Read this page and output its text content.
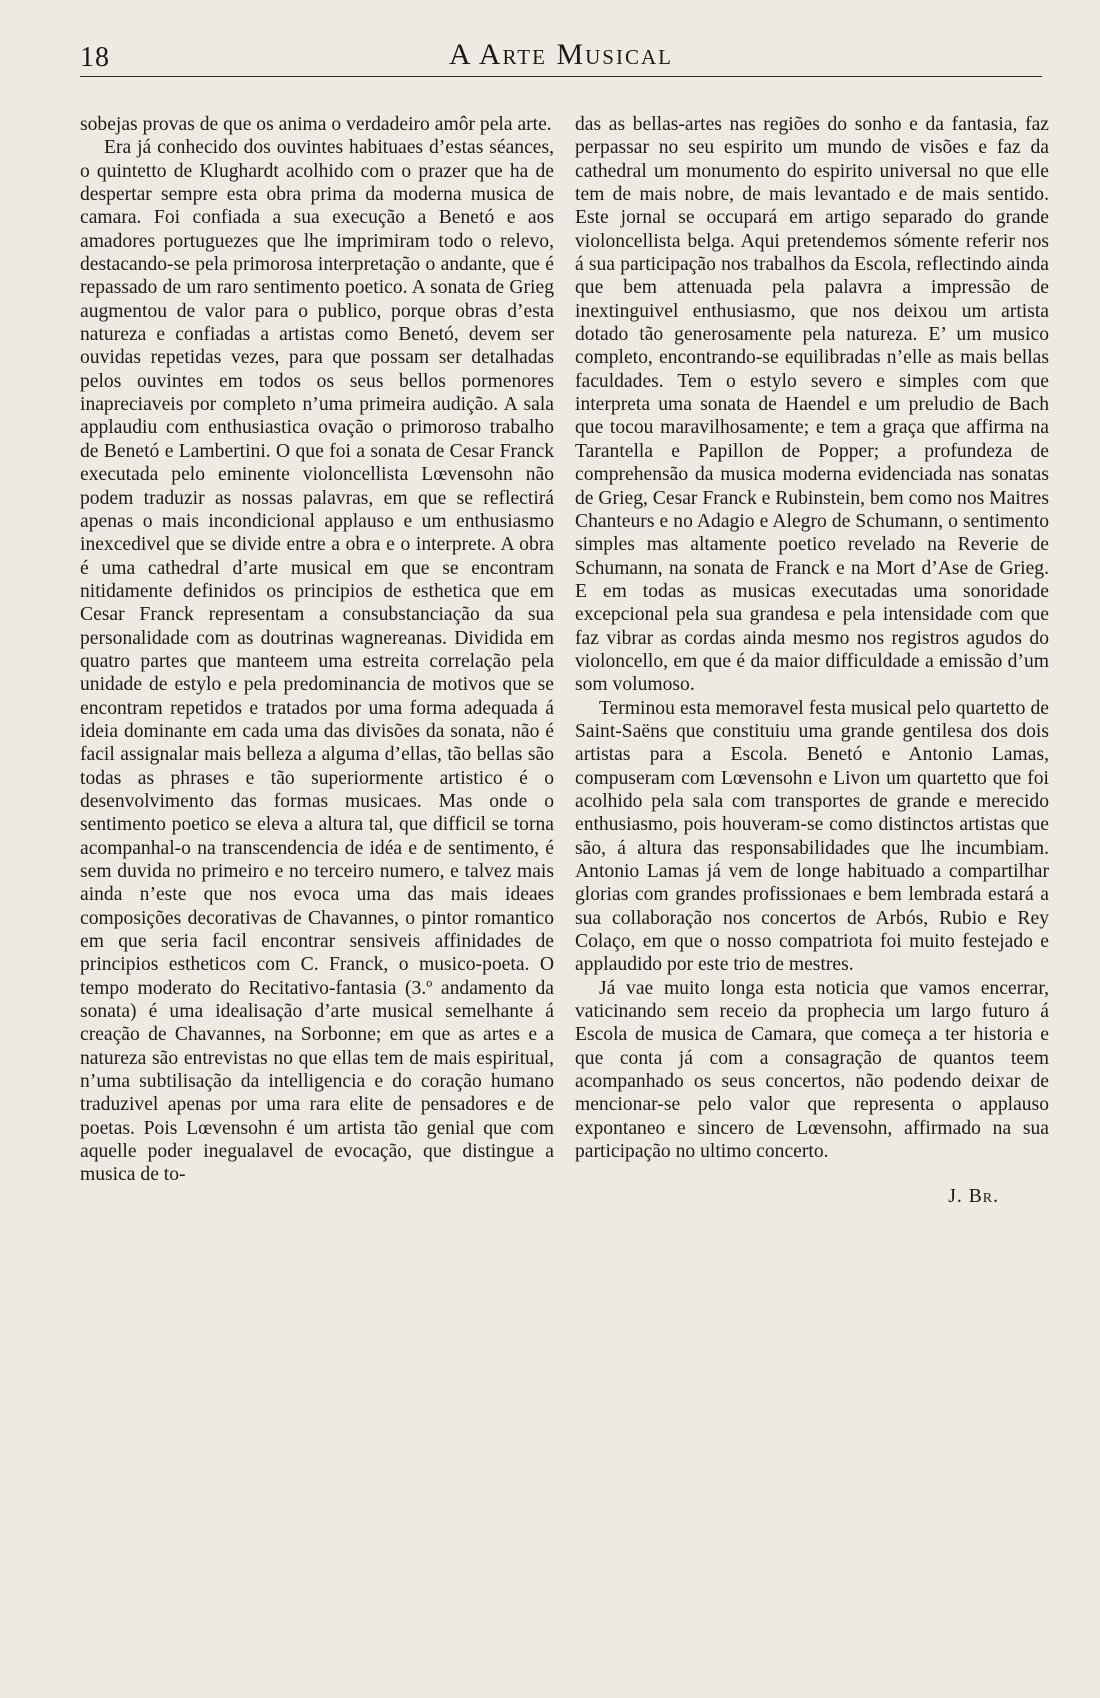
18	A Arte Musical

sobejas provas de que os anima o verdadeiro amôr pela arte.

Era já conhecido dos ouvintes habituaes d’estas séances, o quintetto de Klughardt acolhido com o prazer que ha de despertar sempre esta obra prima da moderna musica de camara. Foi confiada a sua execução a Benetó e aos amadores portuguezes que lhe imprimiram todo o relevo, destacando-se pela primorosa interpretação o andante, que é repassado de um raro sentimento poetico. A sonata de Grieg augmentou de valor para o publico, porque obras d’esta natureza e confiadas a artistas como Benetó, devem ser ouvidas repetidas vezes, para que possam ser detalhadas pelos ouvintes em todos os seus bellos pormenores inapreciaveis por completo n’uma primeira audição. A sala applaudiu com enthusiastica ovação o primoroso trabalho de Benetó e Lambertini. O que foi a sonata de Cesar Franck executada pelo eminente violoncellista Lœvensohn não podem traduzir as nossas palavras, em que se reflectirá apenas o mais incondicional applauso e um enthusiasmo inexcedivel que se divide entre a obra e o interprete. A obra é uma cathedral d’arte musical em que se encontram nitidamente definidos os principios de esthetica que em Cesar Franck representam a consubstanciação da sua personalidade com as doutrinas wagnereanas. Dividida em quatro partes que manteem uma estreita correlação pela unidade de estylo e pela predominancia de motivos que se encontram repetidos e tratados por uma forma adequada á ideia dominante em cada uma das divisões da sonata, não é facil assignalar mais belleza a alguma d’ellas, tão bellas são todas as phrases e tão superiormente artistico é o desenvolvimento das formas musicaes. Mas onde o sentimento poetico se eleva a altura tal, que difficil se torna acompanhal-o na transcendencia de idéa e de sentimento, é sem duvida no primeiro e no terceiro numero, e talvez mais ainda n’este que nos evoca uma das mais ideaes composições decorativas de Chavannes, o pintor romantico em que seria facil encontrar sensiveis affinidades de principios estheticos com C. Franck, o musico-poeta. O tempo moderato do Recitativo-fantasia (3.º andamento da sonata) é uma idealisação d’arte musical semelhante á creação de Chavannes, na Sorbonne; em que as artes e a natureza são entrevistas no que ellas tem de mais espiritual, n’uma subtilisação da intelligencia e do coração humano traduzivel apenas por uma rara elite de pensadores e de poetas. Pois Lœvensohn é um artista tão genial que com aquelle poder inegualavel de evocação, que distingue a musica de to-

das as bellas-artes nas regiões do sonho e da fantasia, faz perpassar no seu espirito um mundo de visões e faz da cathedral um monumento do espirito universal no que elle tem de mais nobre, de mais levantado e de mais sentido. Este jornal se occupará em artigo separado do grande violoncellista belga. Aqui pretendemos sómente referir nos á sua participação nos trabalhos da Escola, reflectindo ainda que bem attenuada pela palavra a impressão de inextinguivel enthusiasmo, que nos deixou um artista dotado tão generosamente pela natureza. E’ um musico completo, encontrando-se equilibradas n’elle as mais bellas faculdades. Tem o estylo severo e simples com que interpreta uma sonata de Haendel e um preludio de Bach que tocou maravilhosamente; e tem a graça que affirma na Tarantella e Papillon de Popper; a profundeza de comprehensão da musica moderna evidenciada nas sonatas de Grieg, Cesar Franck e Rubinstein, bem como nos Maitres Chanteurs e no Adagio e Alegro de Schumann, o sentimento simples mas altamente poetico revelado na Reverie de Schumann, na sonata de Franck e na Mort d’Ase de Grieg. E em todas as musicas executadas uma sonoridade excepcional pela sua grandesa e pela intensidade com que faz vibrar as cordas ainda mesmo nos registros agudos do violoncello, em que é da maior difficuldade a emissão d’um som volumoso.

Terminou esta memoravel festa musical pelo quartetto de Saint-Saëns que constituiu uma grande gentilesa dos dois artistas para a Escola. Benetó e Antonio Lamas, compuseram com Lœvensohn e Livon um quartetto que foi acolhido pela sala com transportes de grande e merecido enthusiasmo, pois houveram-se como distinctos artistas que são, á altura das responsabilidades que lhe incumbiam. Antonio Lamas já vem de longe habituado a compartilhar glorias com grandes profissionaes e bem lembrada estará a sua collaboração nos concertos de Arbós, Rubio e Rey Colaço, em que o nosso compatriota foi muito festejado e applaudido por este trio de mestres.

Já vae muito longa esta noticia que vamos encerrar, vaticinando sem receio da prophecia um largo futuro á Escola de musica de Camara, que começa a ter historia e que conta já com a consagração de quantos teem acompanhado os seus concertos, não podendo deixar de mencionar-se pelo valor que representa o applauso expontaneo e sincero de Lœvensohn, affirmado na sua participação no ultimo concerto.

J. Br.
